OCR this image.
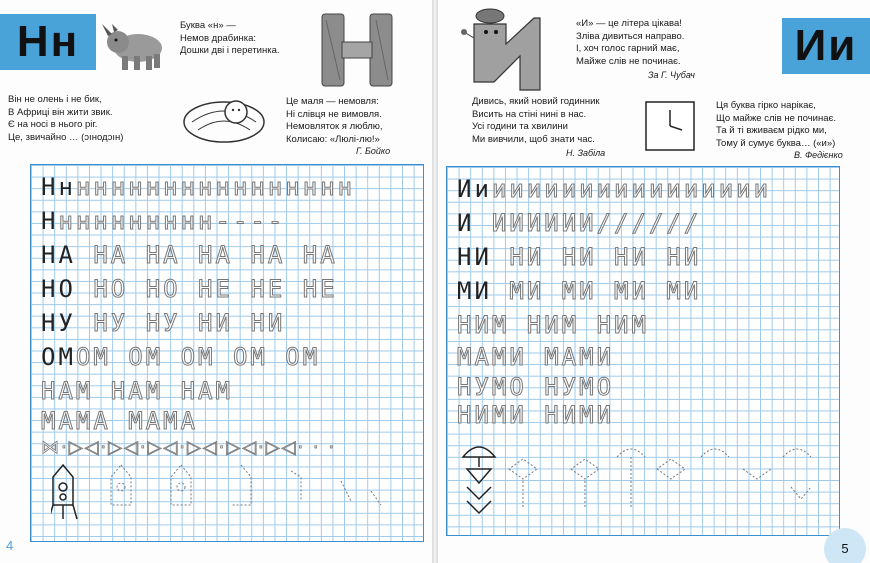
Нн	Буква «н» —
Немов драбинка:
Дошки дві і перетинка.
Він не олень і не бик,
В Африці він жити звик.
Є на носі в нього ріг.
Це, звичайно … (ɔıнодɔıн)
Це маля — немовля:
Ні слівця не вимовля.
Немовляток я люблю,
Колисаю: «Люлі-лю!»
Г. Бойко
Нннннннннннннннннн
Нннннннннн----
НА НА НА НА НА НА
НО НО НО НЕ НЕ НЕ
НУ НУ НУ НИ НИ
ОМОМ ОМ ОМ ОМ ОМ
НАМ НАМ НАМ
МАМА МАМА
⋈·▷◁·▷◁·▷◁·▷◁·▷◁·▷◁· · ·
4
«И» — це літера цікава!
Зліва дивиться направо.
І, хоч голос гарний має,
Майже слів не починає.
За Г. Чубач
Ии
Дивись, який новий годинник
Висить на стіні нині в нас.
Усі години та хвилини
Ми вивчили, щоб знати час.
Н. Забіла
Ця буква гірко нарікає,
Що майже слів не починає.
Та й ті вживаєм рідко ми,
Тому й сумує буква… («и»)
В. Федієнко
Ииииииииииииииииии
И ИИИИИИ//////
НИ НИ НИ НИ НИ
МИ МИ МИ МИ МИ
НИМ НИМ НИМ
МАМИ МАМИ
НУМО НУМО
НИМИ НИМИ
5
